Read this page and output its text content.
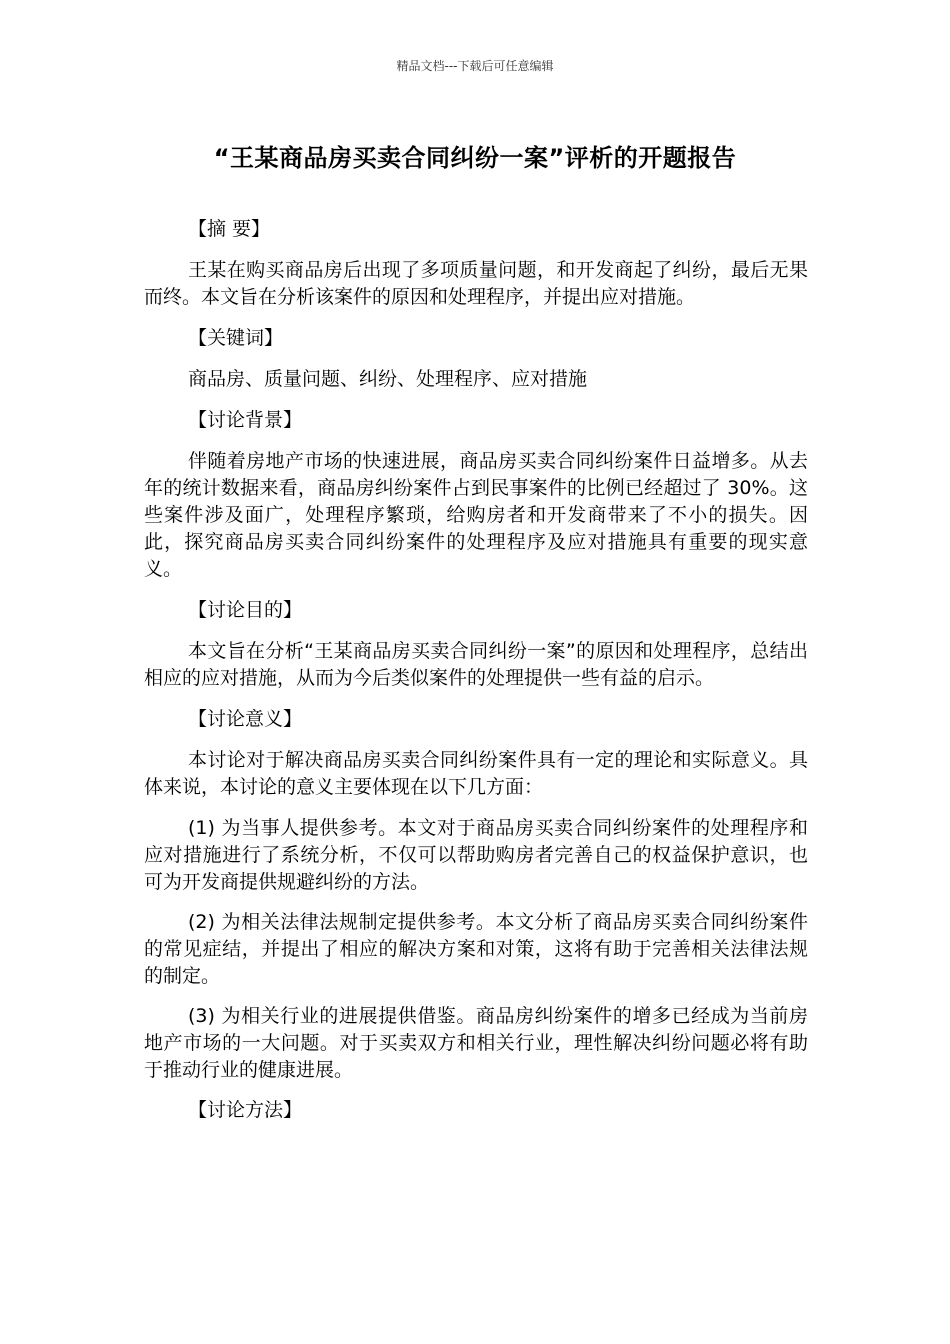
精品文档---下载后可任意编辑
“王某商品房买卖合同纠纷一案”评析的开题报告
【摘 要】

王某在购买商品房后出现了多项质量问题，和开发商起了纠纷，最后无果而终。本文旨在分析该案件的原因和处理程序，并提出应对措施。

【关键词】

商品房、质量问题、纠纷、处理程序、应对措施

【讨论背景】

伴随着房地产市场的快速进展，商品房买卖合同纠纷案件日益增多。从去年的统计数据来看，商品房纠纷案件占到民事案件的比例已经超过了 30%。这些案件涉及面广，处理程序繁琐，给购房者和开发商带来了不小的损失。因此，探究商品房买卖合同纠纷案件的处理程序及应对措施具有重要的现实意义。

【讨论目的】

本文旨在分析“王某商品房买卖合同纠纷一案”的原因和处理程序，总结出相应的应对措施，从而为今后类似案件的处理提供一些有益的启示。

【讨论意义】

本讨论对于解决商品房买卖合同纠纷案件具有一定的理论和实际意义。具体来说，本讨论的意义主要体现在以下几方面：

(1) 为当事人提供参考。本文对于商品房买卖合同纠纷案件的处理程序和应对措施进行了系统分析，不仅可以帮助购房者完善自己的权益保护意识，也可为开发商提供规避纠纷的方法。
(2) 为相关法律法规制定提供参考。本文分析了商品房买卖合同纠纷案件的常见症结，并提出了相应的解决方案和对策，这将有助于完善相关法律法规的制定。
(3) 为相关行业的进展提供借鉴。商品房纠纷案件的增多已经成为当前房地产市场的一大问题。对于买卖双方和相关行业，理性解决纠纷问题必将有助于推动行业的健康进展。
【讨论方法】
